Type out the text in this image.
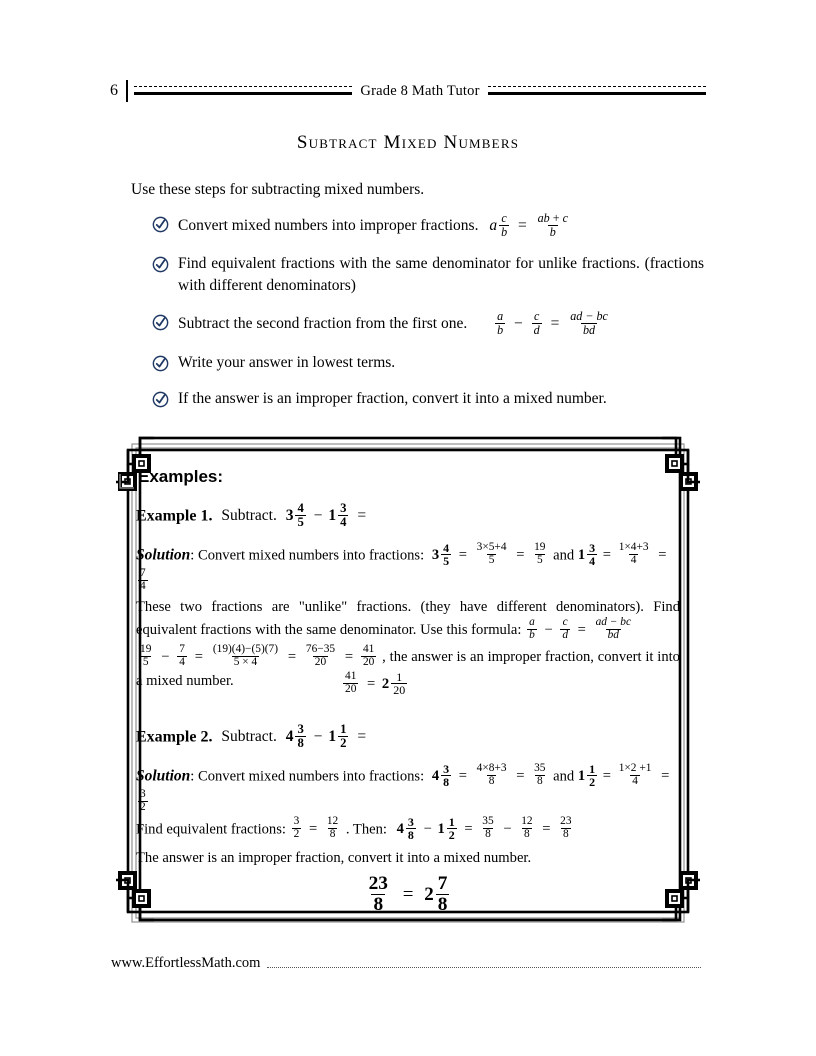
6	Grade 8 Math Tutor
Subtract Mixed Numbers
Use these steps for subtracting mixed numbers.
Convert mixed numbers into improper fractions. a $\frac{c}{b} = \frac{ab + c}{b}$
Find equivalent fractions with the same denominator for unlike fractions. (fractions with different denominators)
Subtract the second fraction from the first one. $\frac{a}{b} - \frac{c}{d} = \frac{ad - bc}{bd}$
Write your answer in lowest terms.
If the answer is an improper fraction, convert it into a mixed number.
Examples:
Example 1. Subtract. $3 \frac{4}{5} - 1 \frac{3}{4}$ =
Solution: Convert mixed numbers into fractions: $3 \frac{4}{5} = \frac{3\times 5+4}{5} = \frac{19}{5}$ and $1 \frac{3}{4} = \frac{1\times 4+3}{4}$ =
$\frac{7}{4}$
These two fractions are "unlike" fractions. (they have different denominators). Find equivalent fractions with the same denominator. Use this formula: $\frac{a}{b} - \frac{c}{d} = \frac{ad - bc}{bd}$
$\frac{19}{5} - \frac{7}{4} = \frac{(19)(4)-(5)(7)}{5 \times 4} = \frac{76-35}{20} = \frac{41}{20}$ , the answer is an improper fraction, convert it into a mixed number.	$\frac{41}{20} = 2 \frac{1}{20}$
Example 2. Subtract. $4 \frac{3}{8} - 1 \frac{1}{2}$ =
Solution: Convert mixed numbers into fractions: $4 \frac{3}{8} = \frac{4\times 8+3}{8} = \frac{35}{8}$ and $1 \frac{1}{2} = \frac{1\times 2 +1}{4}$ =
$\frac{3}{2}$
Find equivalent fractions: $\frac{3}{2} = \frac{12}{8}$ . Then: $4 \frac{3}{8} - 1 \frac{1}{2} = \frac{35}{8} - \frac{12}{8} = \frac{23}{8}$
The answer is an improper fraction, convert it into a mixed number.
$\frac{23}{8} = 2 \frac{7}{8}$
www.EffortlessMath.com
